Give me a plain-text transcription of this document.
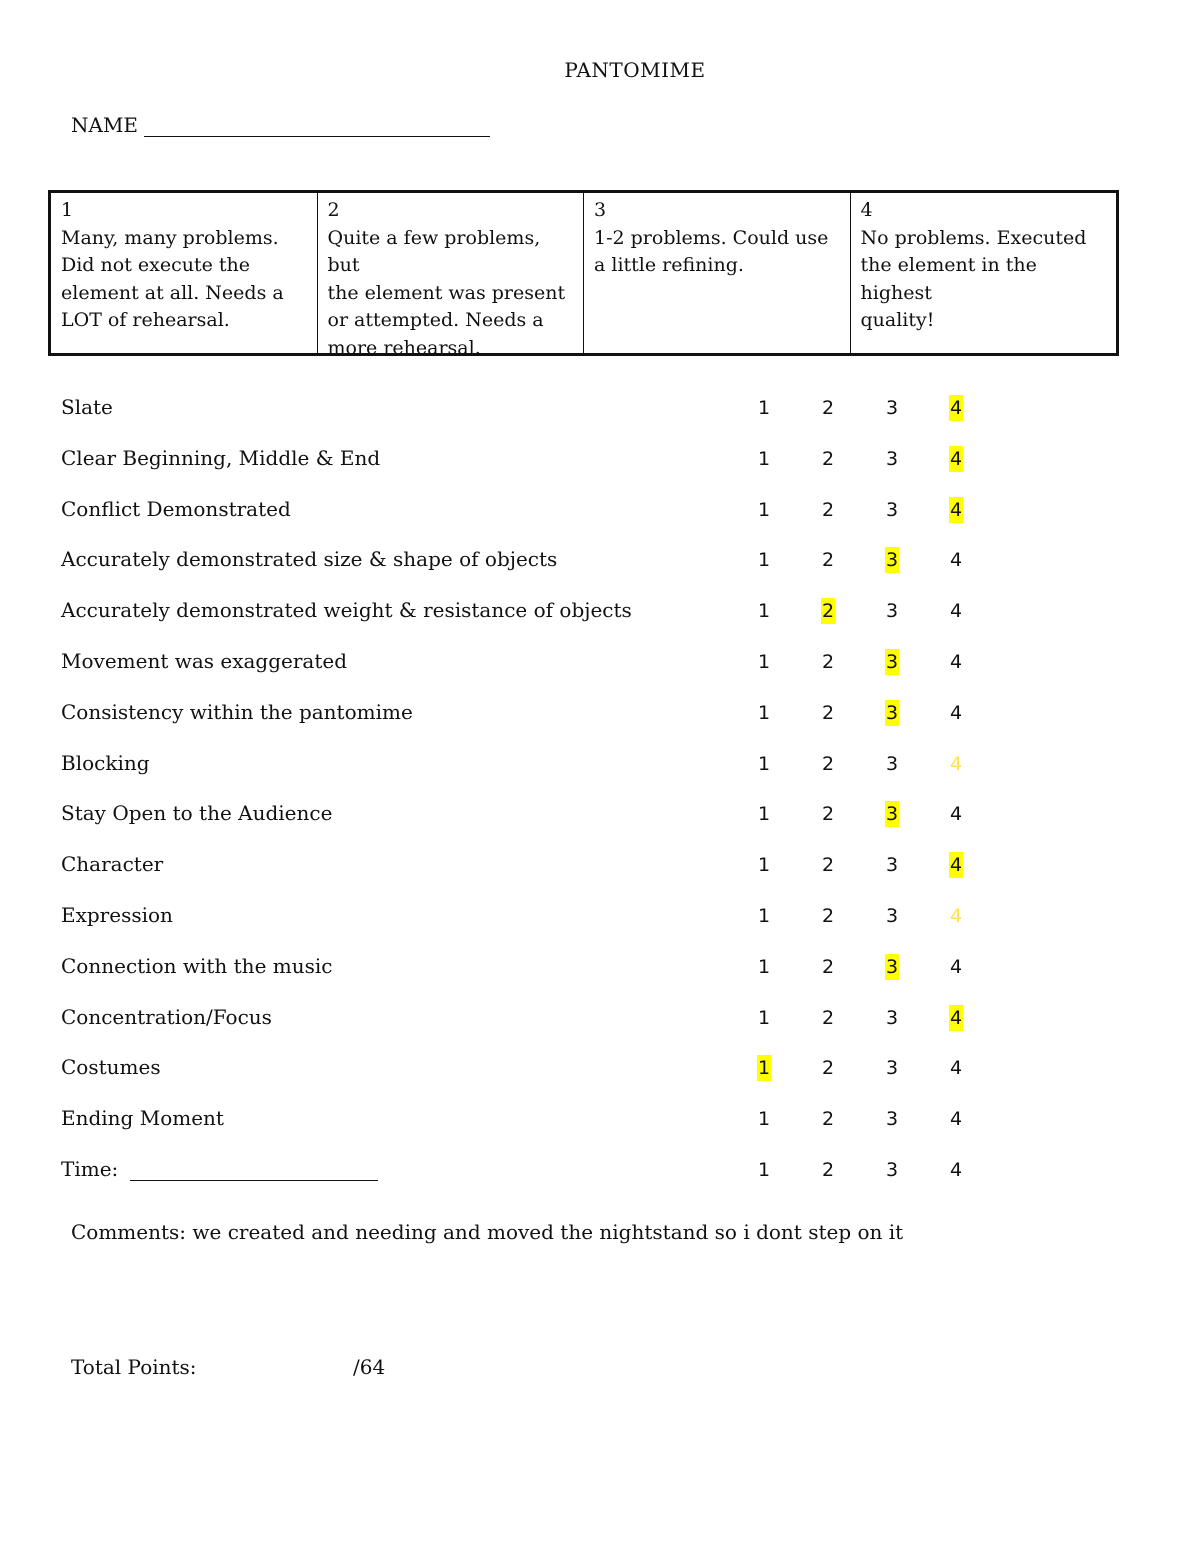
PANTOMIME
NAME
1
Many, many problems.
Did not execute the
element at all. Needs a
LOT of rehearsal.
2
Quite a few problems, but
the element was present
or attempted. Needs a
more rehearsal.
3
1-2 problems. Could use
a little refining.
4
No problems. Executed
the element in the highest
quality!
Slate	1	2	3	4
Clear Beginning, Middle & End	1	2	3	4
Conflict Demonstrated	1	2	3	4
Accurately demonstrated size & shape of objects	1	2	3	4
Accurately demonstrated weight & resistance of objects	1	2	3	4
Movement was exaggerated	1	2	3	4
Consistency within the pantomime	1	2	3	4
Blocking	1	2	3	4
Stay Open to the Audience	1	2	3	4
Character	1	2	3	4
Expression	1	2	3	4
Connection with the music	1	2	3	4
Concentration/Focus	1	2	3	4
Costumes	1	2	3	4
Ending Moment	1	2	3	4
Time:	1	2	3	4
Comments: we created and needing and moved the nightstand so i dont step on it
Total Points:	/64
